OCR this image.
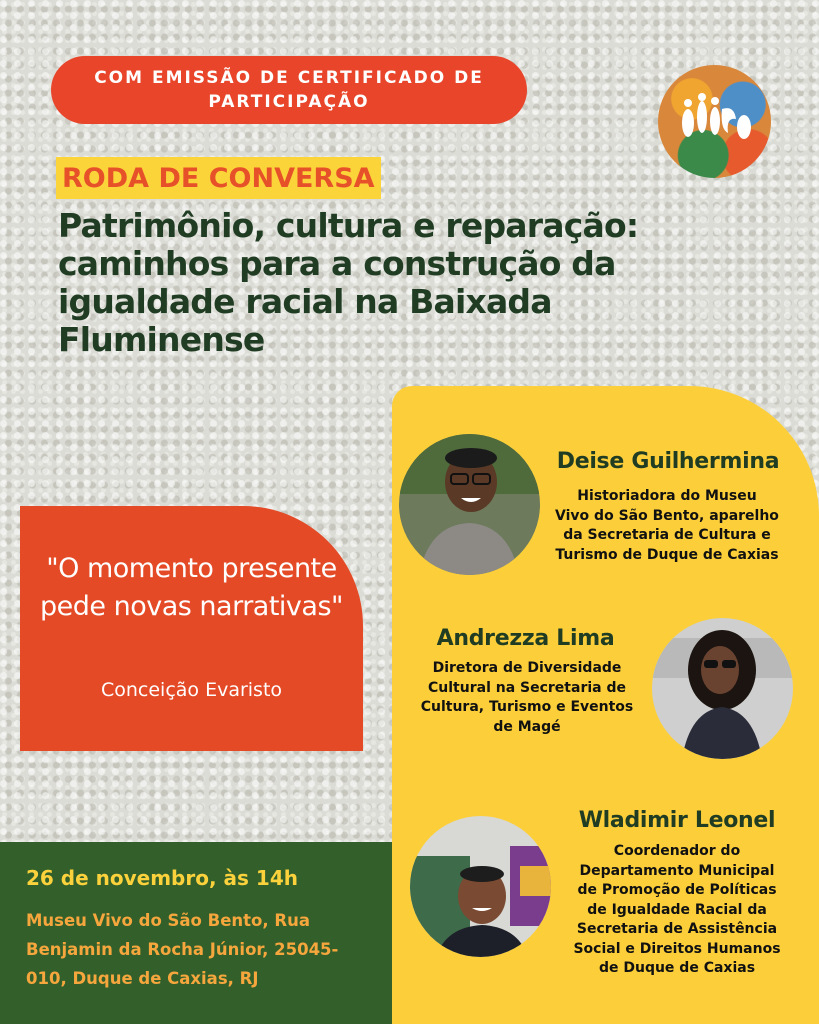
COM EMISSÃO DE CERTIFICADO DE PARTICIPAÇÃO
RODA DE CONVERSA
Patrimônio, cultura e reparação: caminhos para a construção da igualdade racial na Baixada Fluminense
"O momento presente pede novas narrativas"
Conceição Evaristo
26 de novembro, às 14h
Museu Vivo do São Bento, Rua Benjamin da Rocha Júnior, 25045-010, Duque de Caxias, RJ
Deise Guilhermina
Historiadora do Museu
Vivo do São Bento, aparelho
da Secretaria de Cultura e
Turismo de Duque de Caxias
Andrezza Lima
Diretora de Diversidade
Cultural na Secretaria de
Cultura, Turismo e Eventos
de Magé
Wladimir Leonel
Coordenador do
Departamento Municipal
de Promoção de Políticas
de Igualdade Racial da
Secretaria de Assistência
Social e Direitos Humanos
de Duque de Caxias
